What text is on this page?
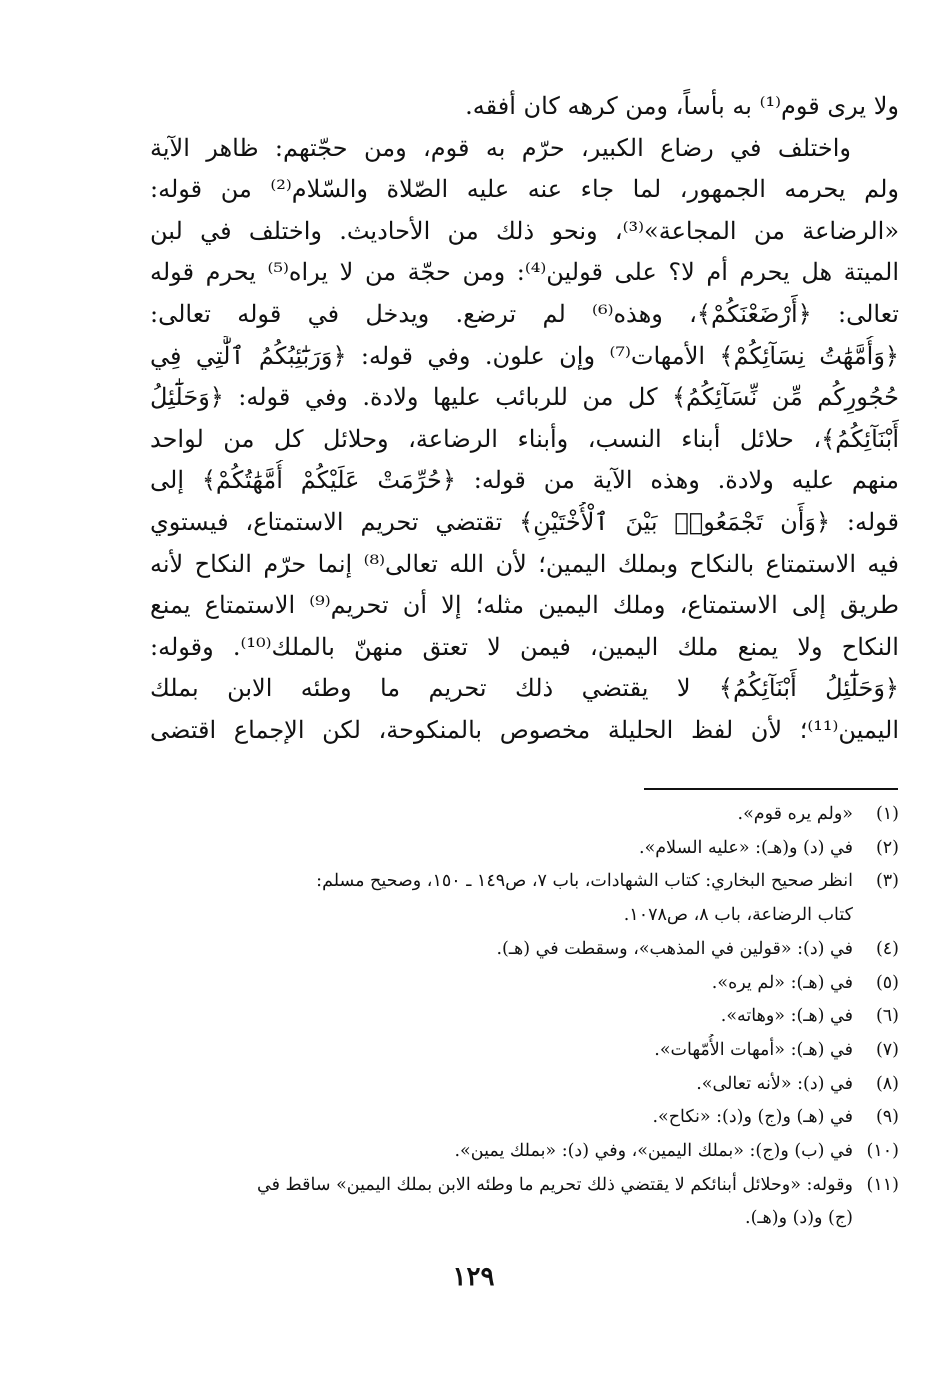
ولا يرى قوم⁽¹⁾ به بأساً، ومن كرهه كان أفقه.
واختلف في رضاع الكبير، حرّم به قوم، ومن حجّتهم: ظاهر الآية
ولم يحرمه الجمهور، لما جاء عنه عليه الصّلاة والسّلام⁽²⁾ من قوله:
«الرضاعة من المجاعة»⁽³⁾، ونحو ذلك من الأحاديث. واختلف في لبن
الميتة هل يحرم أم لا؟ على قولين⁽⁴⁾: ومن حجّة من لا يراه⁽⁵⁾ يحرم قوله
تعالى: ﴿أَرْضَعْنَكُمْ﴾، وهذه⁽⁶⁾ لم ترضع. ويدخل في قوله تعالى:
﴿وَأُمَّهَٰتُ نِسَآئِكُمْ﴾ الأمهات⁽⁷⁾ وإن علون. وفي قوله: ﴿وَرَبَٰٓئِبُكُمُ ٱلَّٰتِي فِي
حُجُورِكُم مِّن نِّسَآئِكُمُ﴾ كل من للربائب عليها ولادة. وفي قوله: ﴿وَحَلَٰٓئِلُ
أَبْنَآئِكُمُ﴾، حلائل أبناء النسب، وأبناء الرضاعة، وحلائل كل من لواحد
منهم عليه ولادة. وهذه الآية من قوله: ﴿حُرِّمَتْ عَلَيْكُمْ أُمَّهَٰتُكُمْ﴾ إلى
قوله: ﴿وَأَن تَجْمَعُوا۟ بَيْنَ ٱلْأُخْتَيْنِ﴾ تقتضي تحريم الاستمتاع، فيستوي
فيه الاستمتاع بالنكاح وبملك اليمين؛ لأن الله تعالى⁽⁸⁾ إنما حرّم النكاح لأنه
طريق إلى الاستمتاع، وملك اليمين مثله؛ إلا أن تحريم⁽⁹⁾ الاستمتاع يمنع
النكاح ولا يمنع ملك اليمين، فيمن لا تعتق منهنّ بالملك⁽¹⁰⁾. وقوله:
﴿وَحَلَٰٓئِلُ أَبْنَآئِكُمُ﴾ لا يقتضي ذلك تحريم ما وطئه الابن بملك
اليمين⁽¹¹⁾؛ لأن لفظ الحليلة مخصوص بالمنكوحة، لكن الإجماع اقتضى
(١)
«ولم يره قوم».
(٢)
في (د) و(هـ): «عليه السلام».
(٣)
انظر صحيح البخاري: كتاب الشهادات، باب ٧، ص١٤٩ ـ ١٥٠، وصحيح مسلم:
كتاب الرضاعة، باب ٨، ص١٠٧٨.
(٤)
في (د): «قولين في المذهب»، وسقطت في (هـ).
(٥)
في (هـ): «لم يره».
(٦)
في (هـ): «وهاته».
(٧)
في (هـ): «أمهات الأُمّهات».
(٨)
في (د): «لأنه تعالى».
(٩)
في (هـ) و(ج) و(د): «نكاح».
(١٠)
في (ب) و(ج): «بملك اليمين»، وفي (د): «بملك يمين».
(١١)
وقوله: «وحلائل أبنائكم لا يقتضي ذلك تحريم ما وطئه الابن بملك اليمين» ساقط في
(ج) و(د) و(هـ).
١٢٩
